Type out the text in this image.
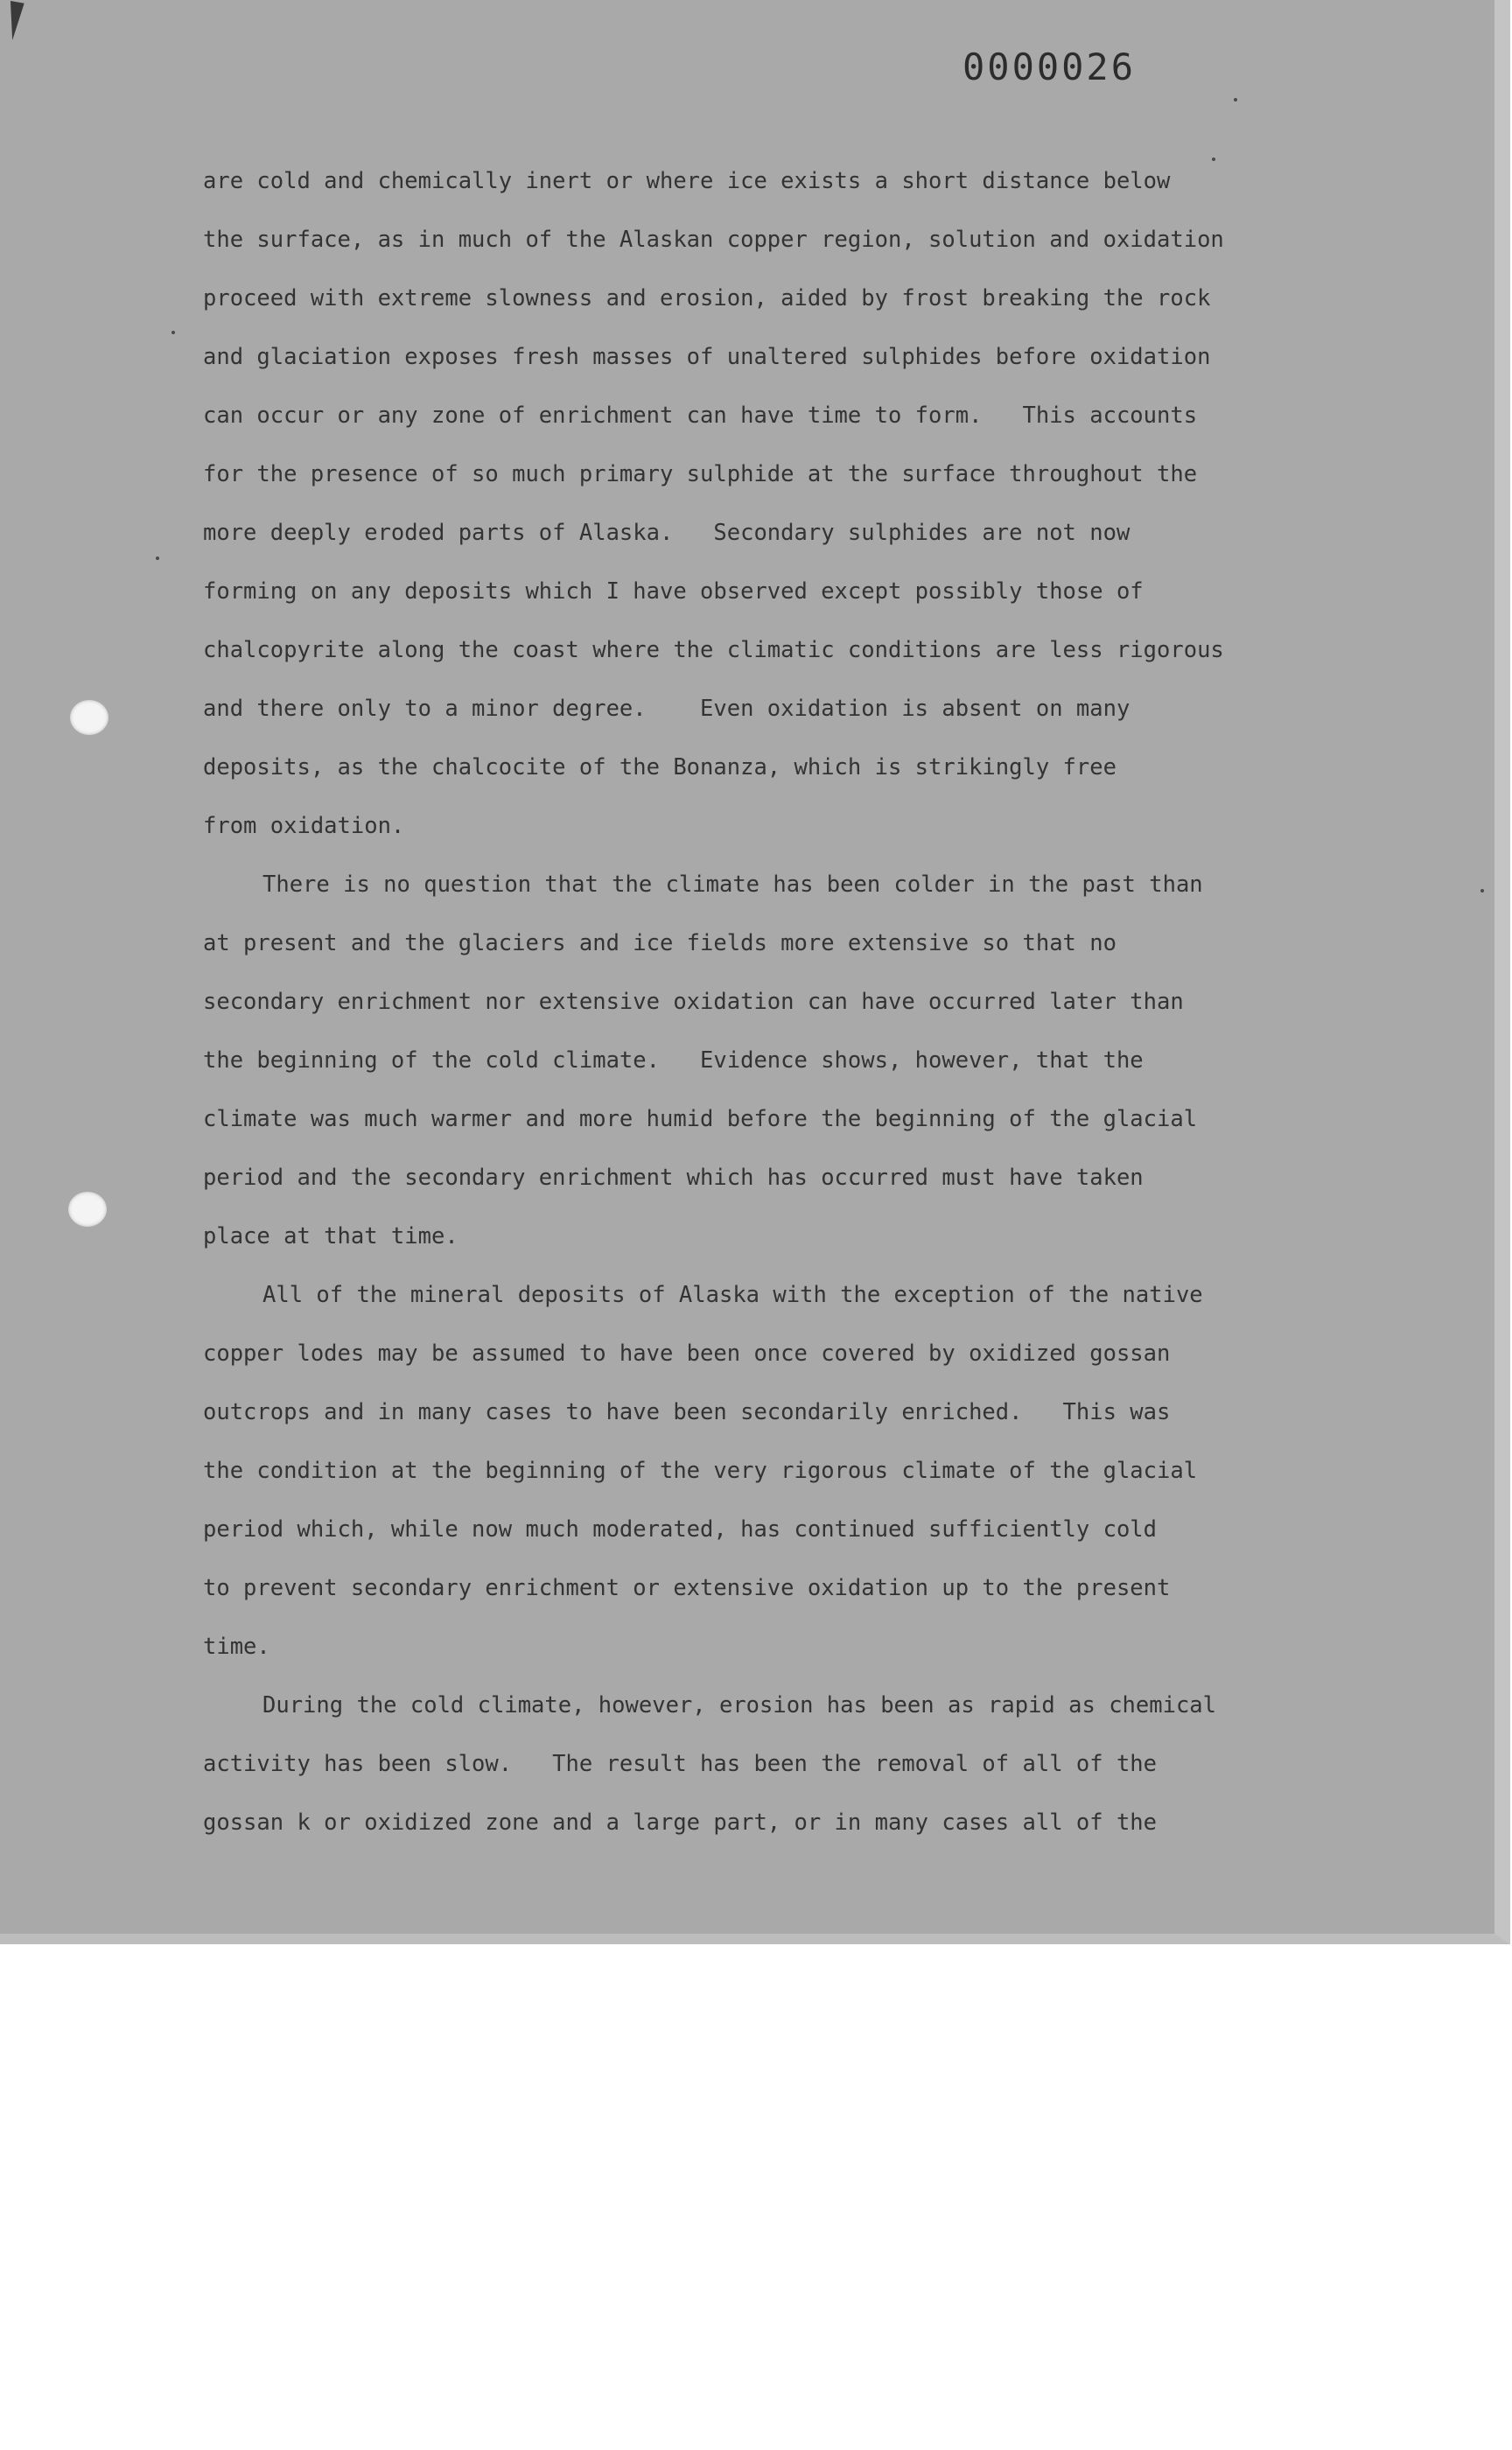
0000026
are cold and chemically inert or where ice exists a short distance below
the surface, as in much of the Alaskan copper region, solution and oxidation
proceed with extreme slowness and erosion, aided by frost breaking the rock
and glaciation exposes fresh masses of unaltered sulphides before oxidation
can occur or any zone of enrichment can have time to form.   This accounts
for the presence of so much primary sulphide at the surface throughout the
more deeply eroded parts of Alaska.   Secondary sulphides are not now
forming on any deposits which I have observed except possibly those of
chalcopyrite along the coast where the climatic conditions are less rigorous
and there only to a minor degree.    Even oxidation is absent on many
deposits, as the chalcocite of the Bonanza, which is strikingly free
from oxidation.
There is no question that the climate has been colder in the past than
at present and the glaciers and ice fields more extensive so that no
secondary enrichment nor extensive oxidation can have occurred later than
the beginning of the cold climate.   Evidence shows, however, that the
climate was much warmer and more humid before the beginning of the glacial
period and the secondary enrichment which has occurred must have taken
place at that time.
All of the mineral deposits of Alaska with the exception of the native
copper lodes may be assumed to have been once covered by oxidized gossan
outcrops and in many cases to have been secondarily enriched.   This was
the condition at the beginning of the very rigorous climate of the glacial
period which, while now much moderated, has continued sufficiently cold
to prevent secondary enrichment or extensive oxidation up to the present
time.
During the cold climate, however, erosion has been as rapid as chemical
activity has been slow.   The result has been the removal of all of the
gossan k or oxidized zone and a large part, or in many cases all of the
